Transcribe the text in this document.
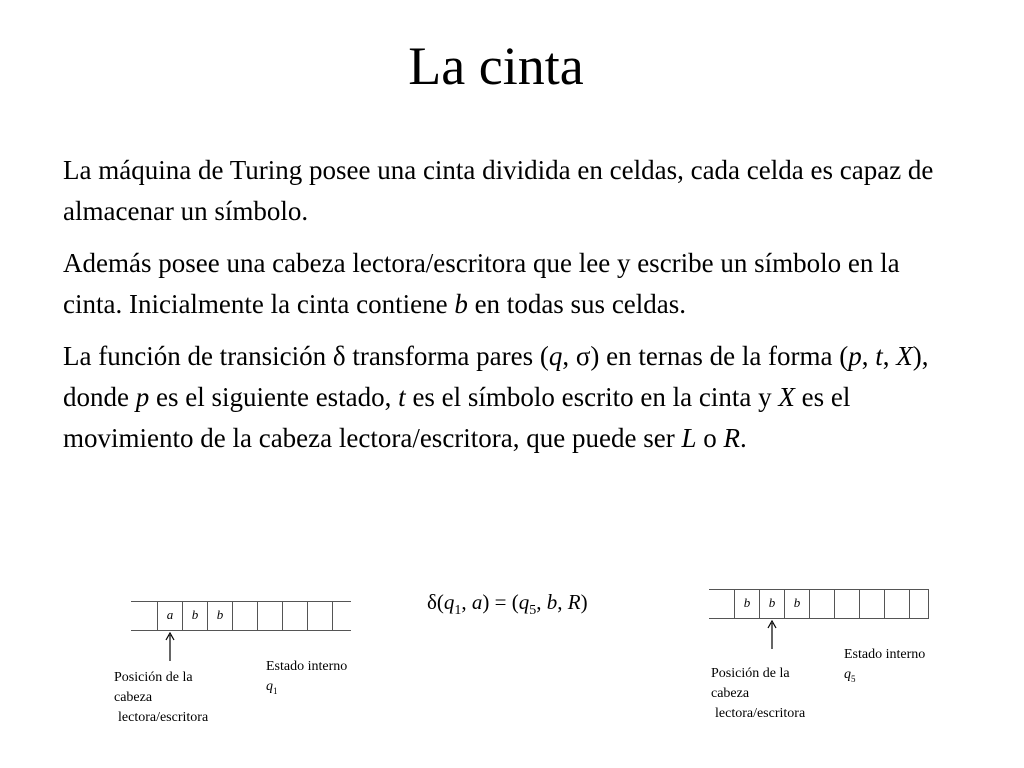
La cinta

La máquina de Turing posee una cinta dividida en celdas, cada celda es capaz de almacenar un símbolo.

Además posee una cabeza lectora/escritora que lee y escribe un símbolo en la cinta. Inicialmente la cinta contiene b en todas sus celdas.

La función de transición δ transforma pares (q, σ) en ternas de la forma (p, t, X), donde p es el siguiente estado, t es el símbolo escrito en la cinta y X es el movimiento de la cabeza lectora/escritora, que puede ser L o R.

$\delta(q_1$, $a) = (q_5$, b, R)
a	b	b
Posición de la
cabeza
lectora/escritora
Estado interno
$q_1$
b	b	b
Posición de la
cabeza
lectora/escritora
Estado interno
$q_5$
